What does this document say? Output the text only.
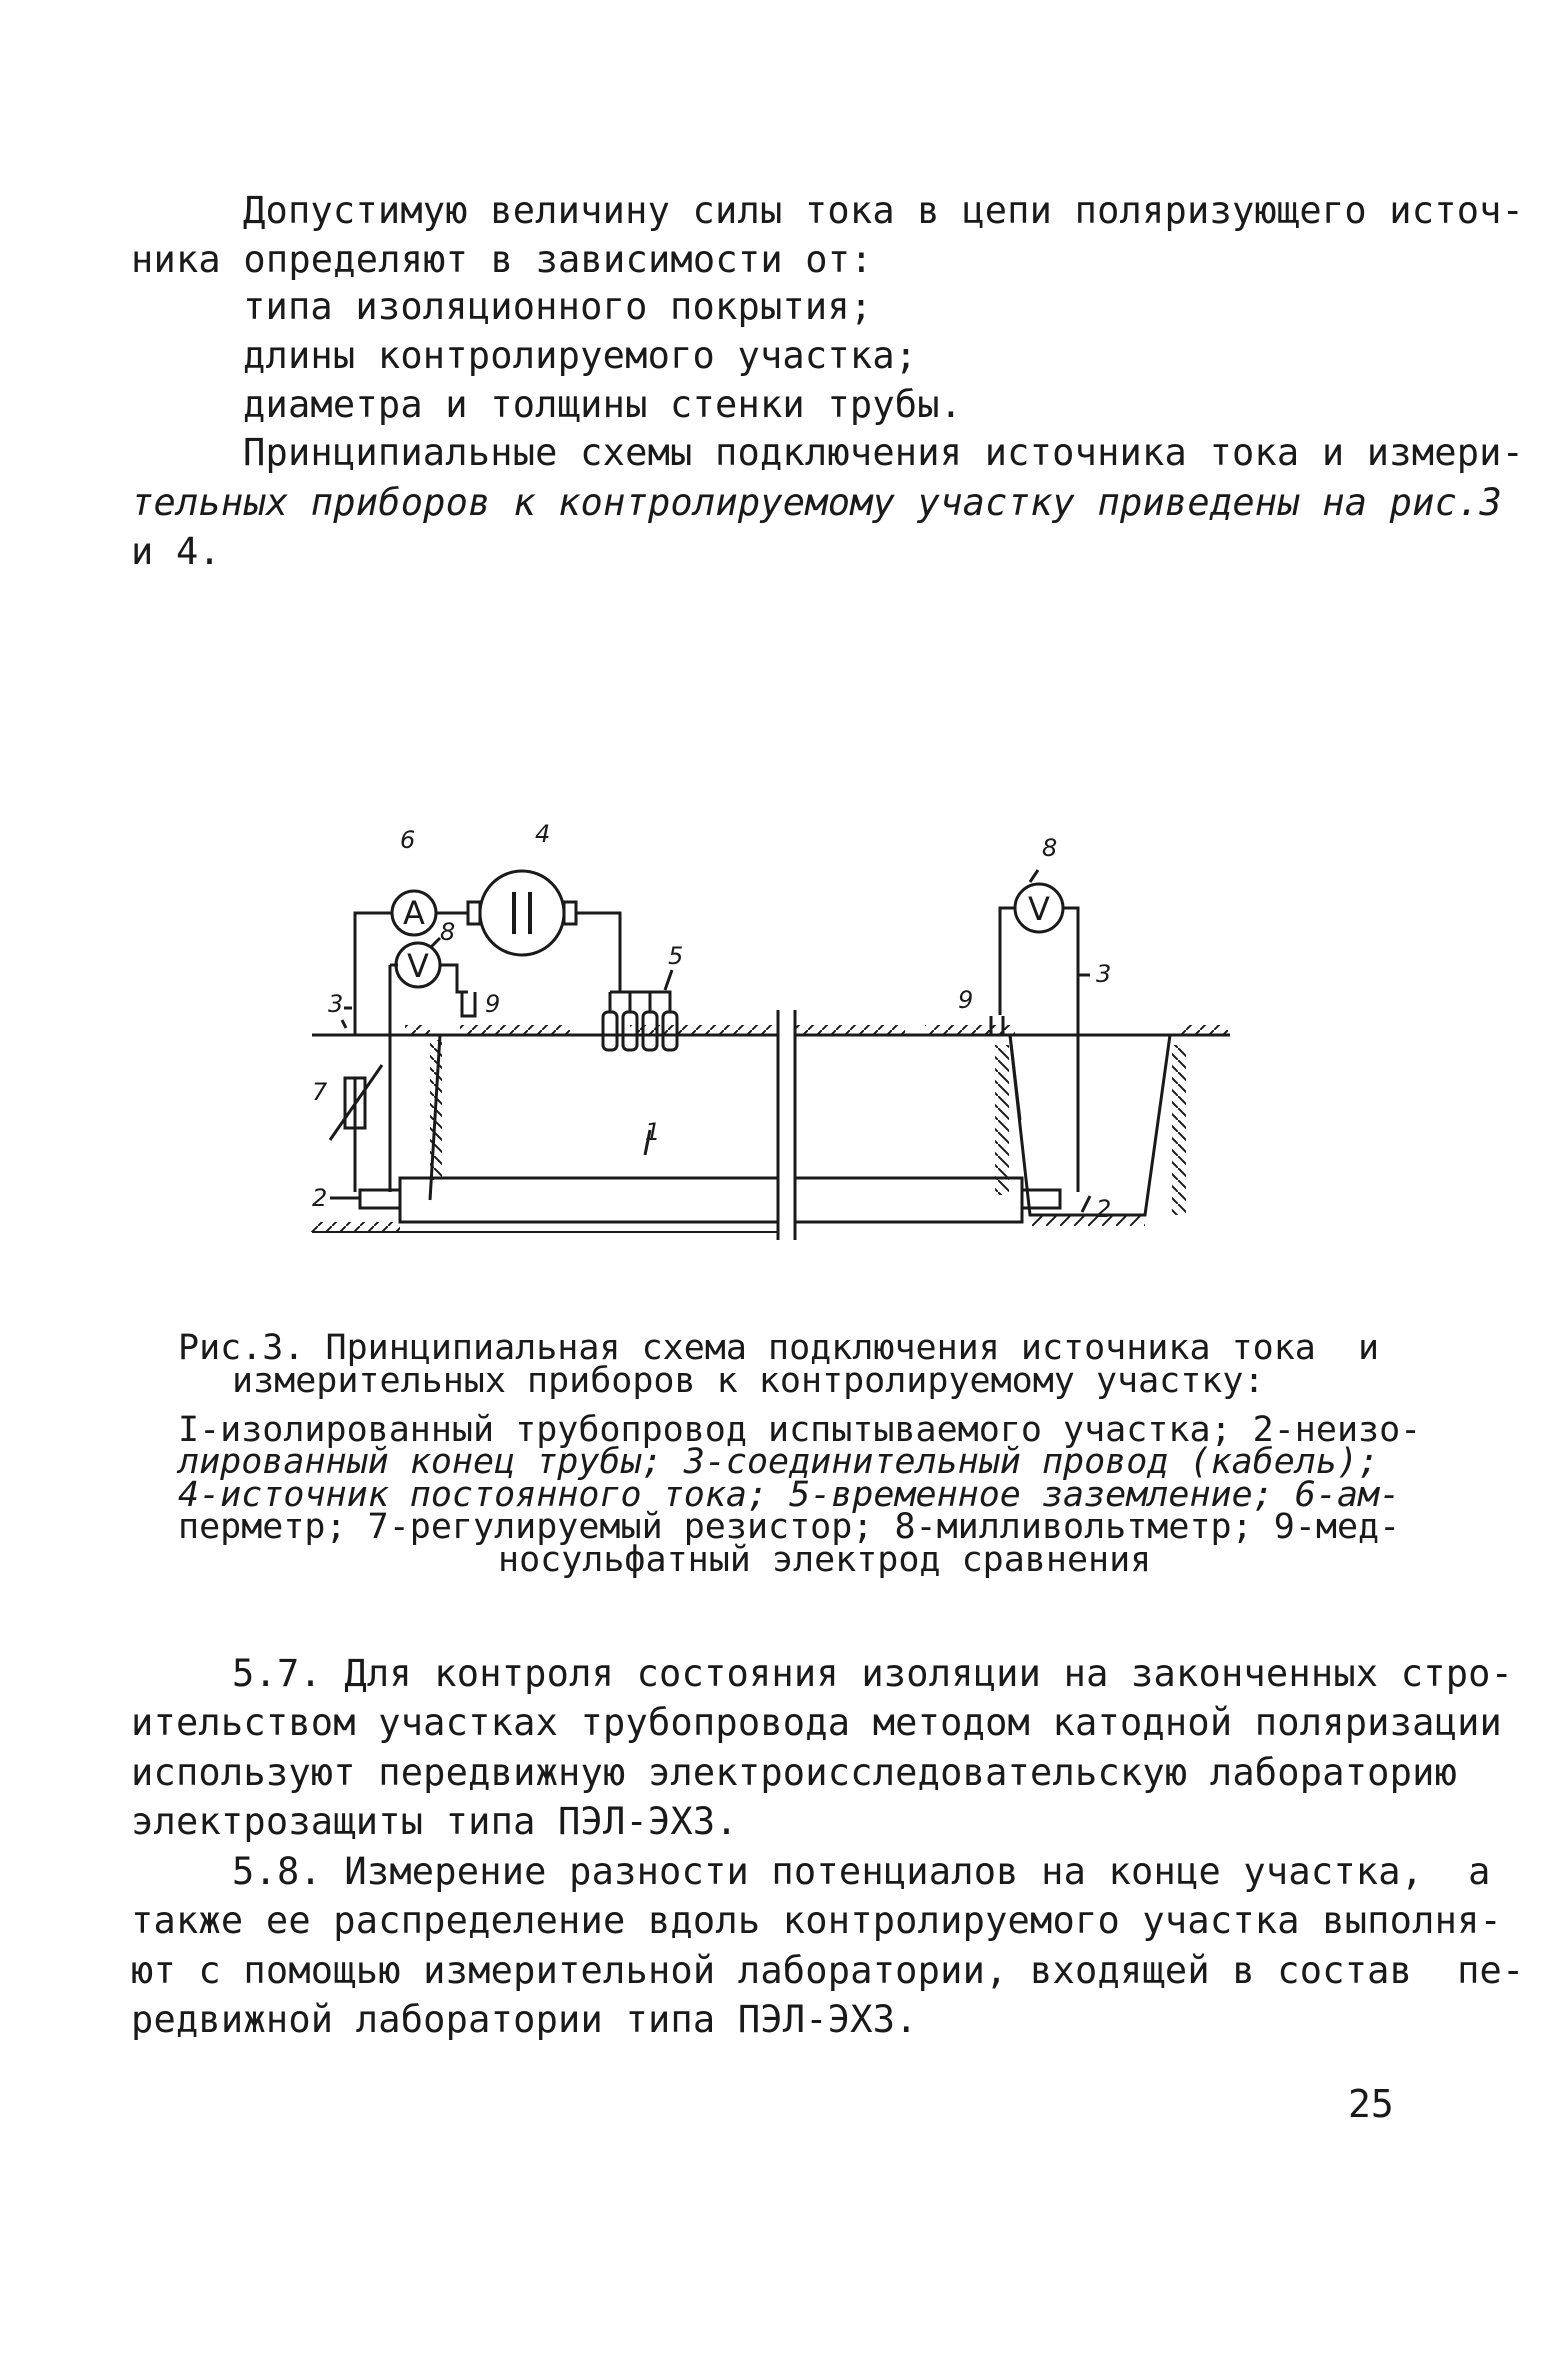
Допустимую величину силы тока в цепи поляризующего источ-
ника определяют в зависимости от:
типа изоляционного покрытия;
длины контролируемого участка;
диаметра и толщины стенки трубы.
Принципиальные схемы подключения источника тока и измери-
тельных приборов к контролируемому участку приведены на рис.3
и 4.
A
V
V
6	4
8
5
3	9
7
2
1
8
3
9
2
Рис.3. Принципиальная схема подключения источника тока  и
измерительных приборов к контролируемому участку:
I-изолированный трубопровод испытываемого участка; 2-неизо-
лированный конец трубы; 3-соединительный провод (кабель);
4-источник постоянного тока; 5-временное заземление; 6-ам-
перметр; 7-регулируемый резистор; 8-милливольтметр; 9-мед-
носульфатный электрод сравнения
5.7. Для контроля состояния изоляции на законченных стро-
ительством участках трубопровода методом катодной поляризации
используют передвижную электроисследовательскую лабораторию
электрозащиты типа ПЭЛ-ЭХЗ.
5.8. Измерение разности потенциалов на конце участка,  а
также ее распределение вдоль контролируемого участка выполня-
ют с помощью измерительной лаборатории, входящей в состав  пе-
редвижной лаборатории типа ПЭЛ-ЭХЗ.
25
